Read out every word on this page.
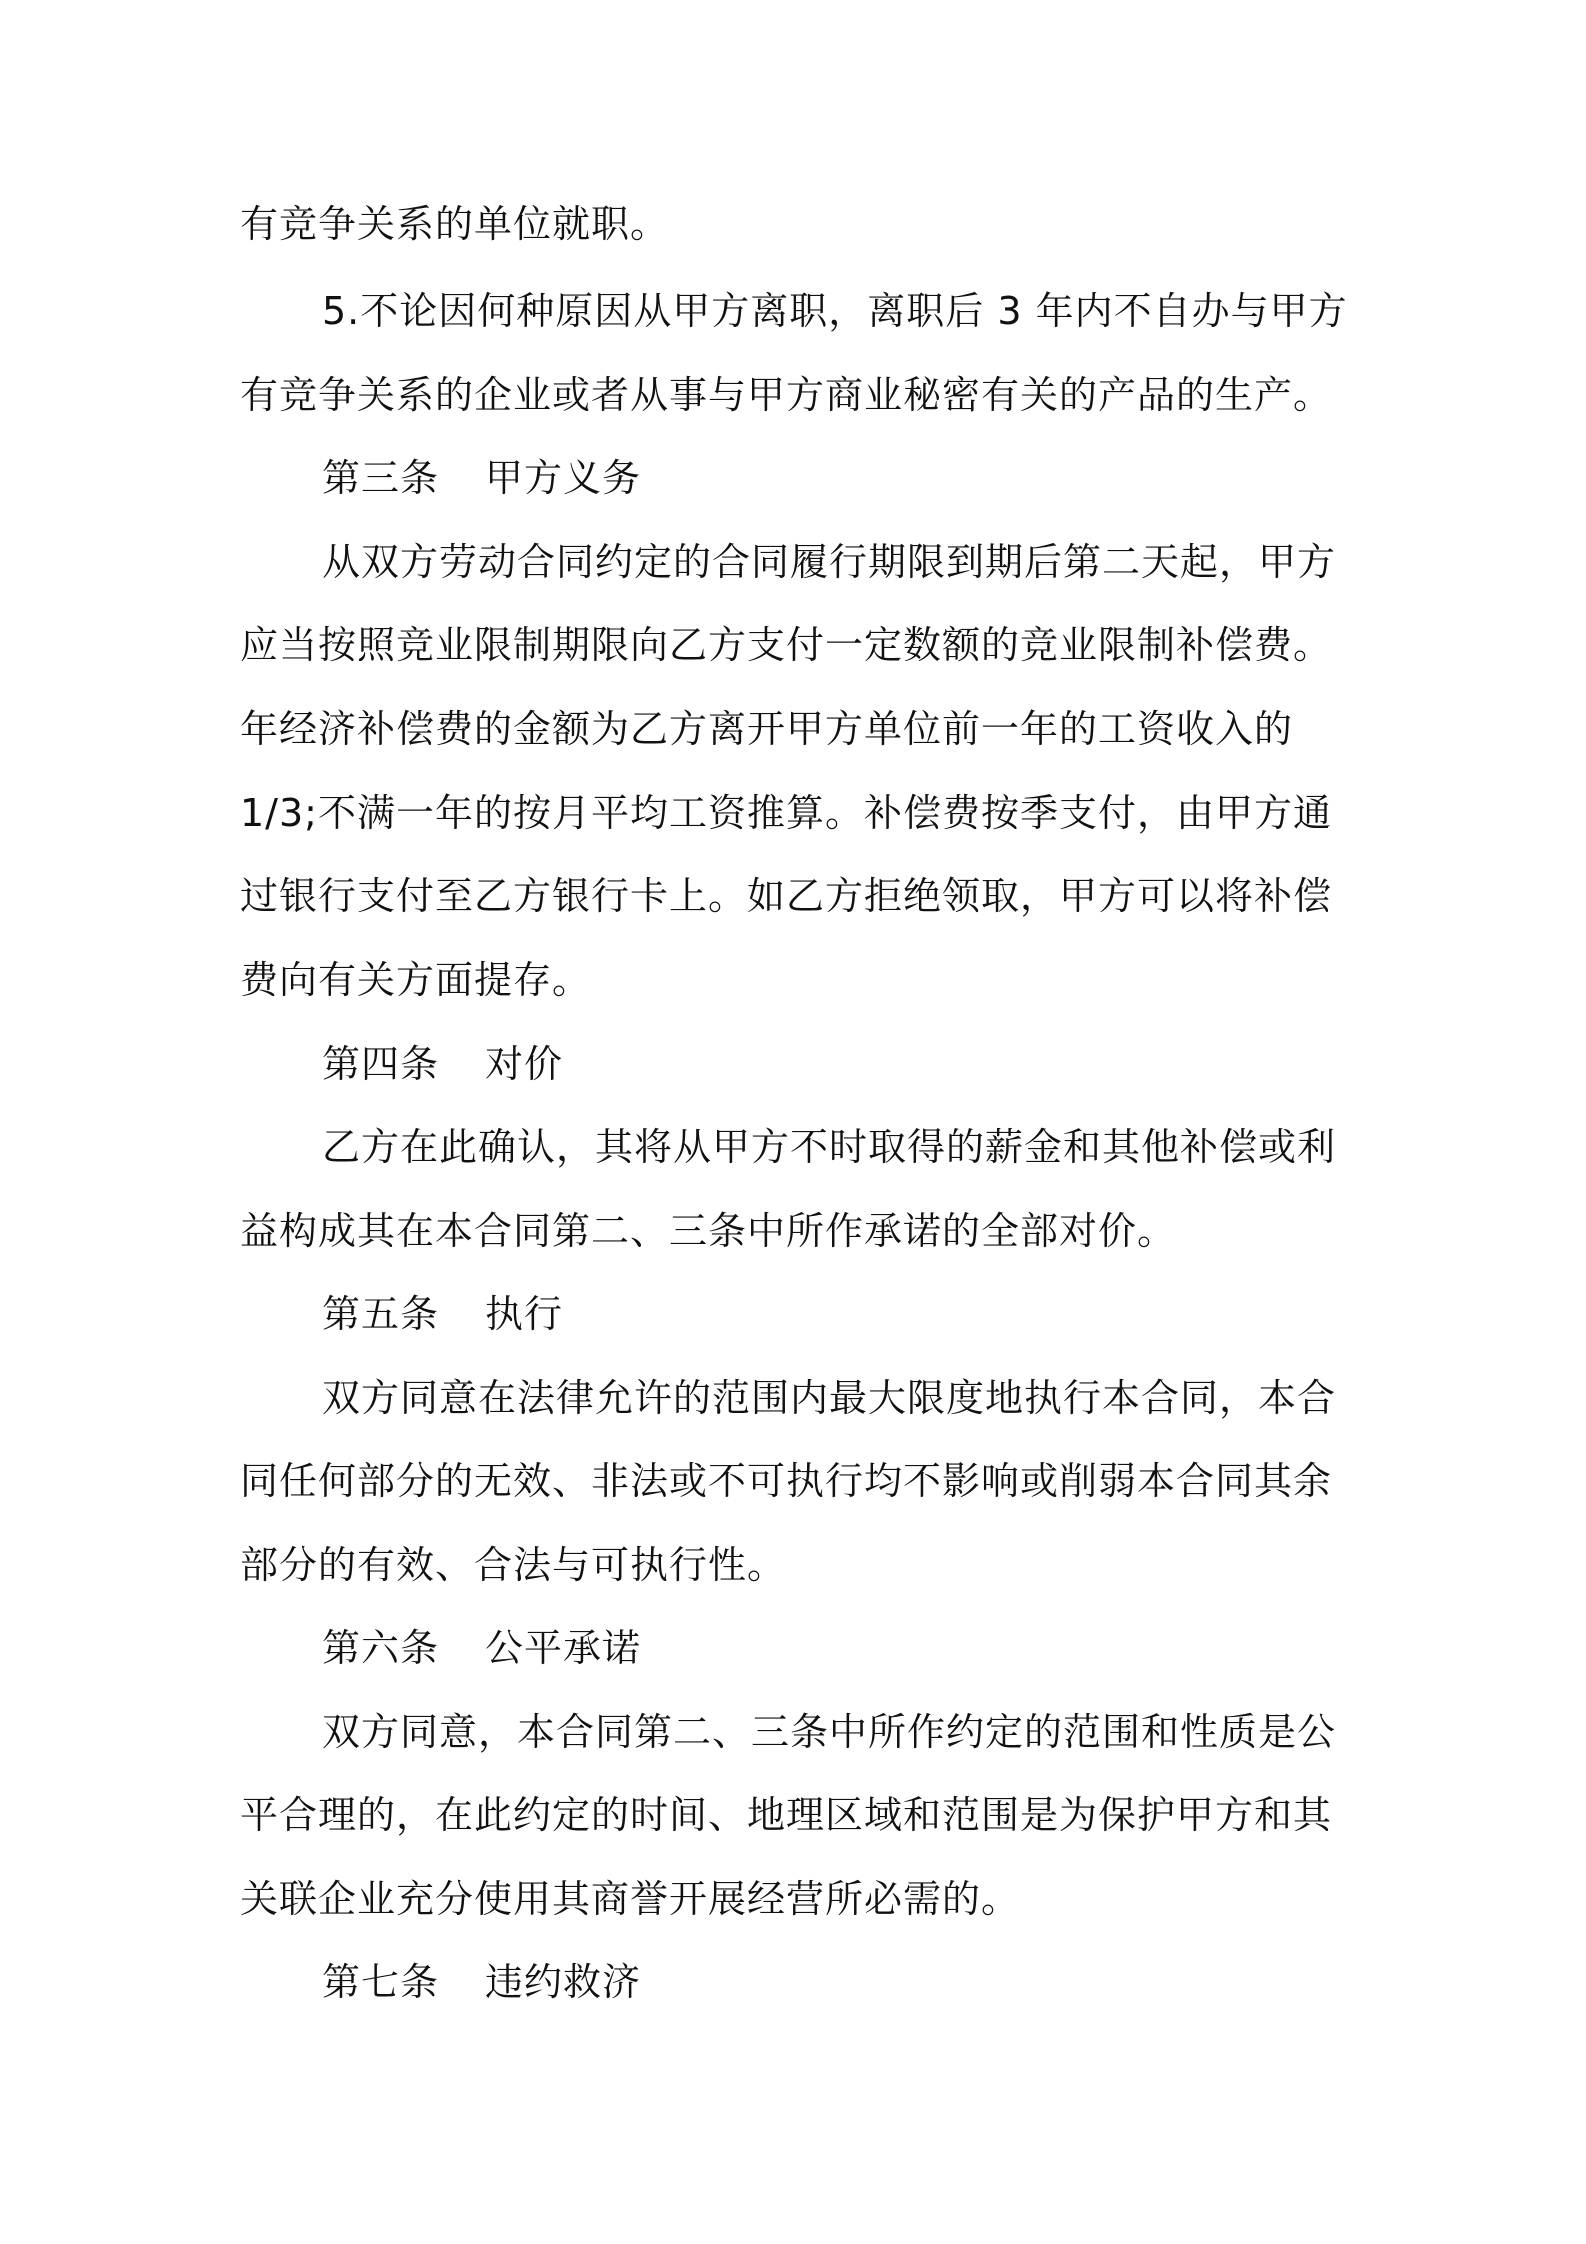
有竞争关系的单位就职。
5.不论因何种原因从甲方离职，离职后 3 年内不自办与甲方
有竞争关系的企业或者从事与甲方商业秘密有关的产品的生产。
第三条 甲方义务
从双方劳动合同约定的合同履行期限到期后第二天起，甲方
应当按照竞业限制期限向乙方支付一定数额的竞业限制补偿费。
年经济补偿费的金额为乙方离开甲方单位前一年的工资收入的
1/3;不满一年的按月平均工资推算。补偿费按季支付，由甲方通
过银行支付至乙方银行卡上。如乙方拒绝领取，甲方可以将补偿
费向有关方面提存。
第四条 对价
乙方在此确认，其将从甲方不时取得的薪金和其他补偿或利
益构成其在本合同第二、三条中所作承诺的全部对价。
第五条 执行
双方同意在法律允许的范围内最大限度地执行本合同，本合
同任何部分的无效、非法或不可执行均不影响或削弱本合同其余
部分的有效、合法与可执行性。
第六条 公平承诺
双方同意，本合同第二、三条中所作约定的范围和性质是公
平合理的，在此约定的时间、地理区域和范围是为保护甲方和其
关联企业充分使用其商誉开展经营所必需的。
第七条 违约救济
